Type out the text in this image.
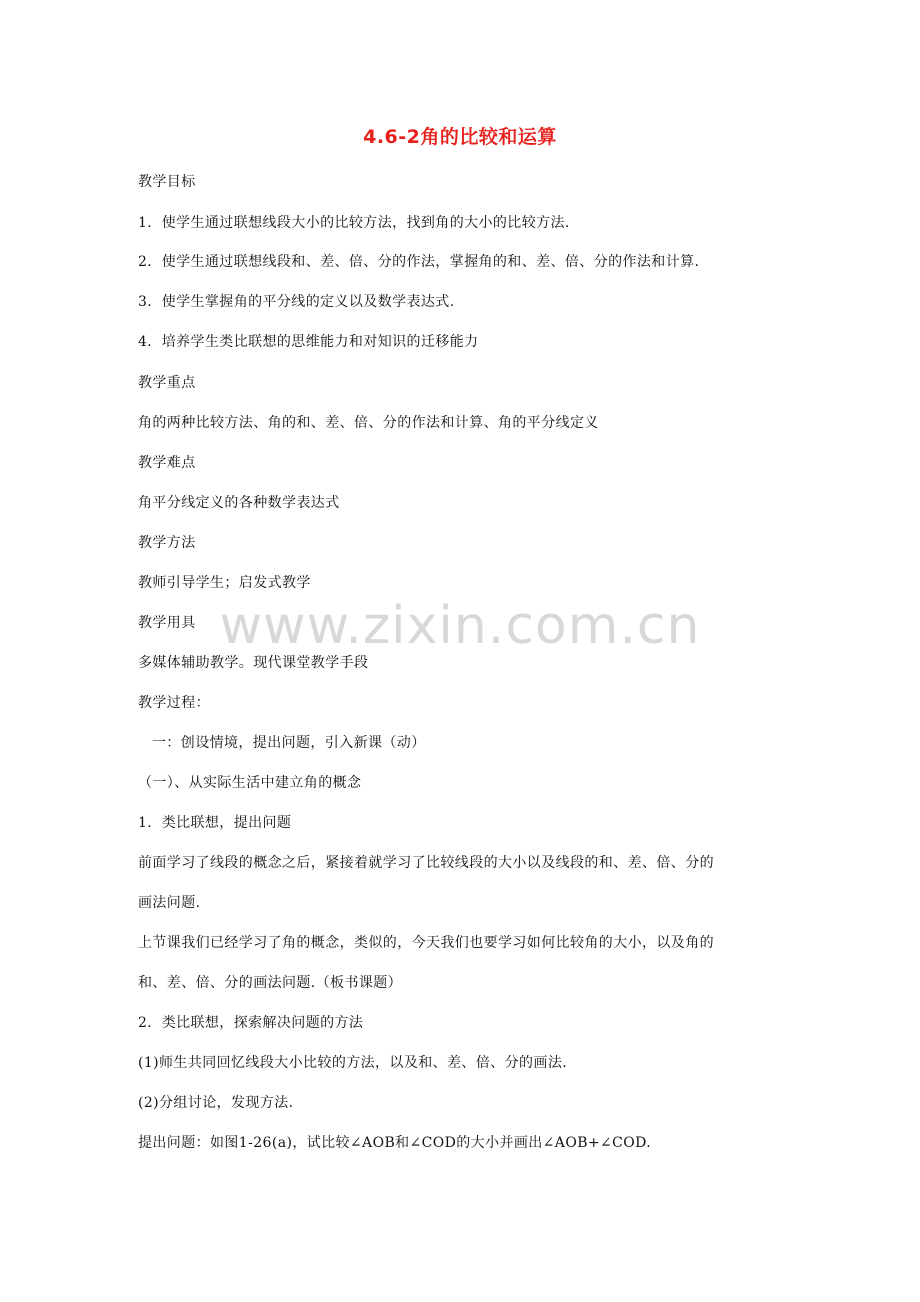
4.6-2角的比较和运算
教学目标
1．使学生通过联想线段大小的比较方法，找到角的大小的比较方法.
2．使学生通过联想线段和、差、倍、分的作法，掌握角的和、差、倍、分的作法和计算.
3．使学生掌握角的平分线的定义以及数学表达式.
4．培养学生类比联想的思维能力和对知识的迁移能力
教学重点
角的两种比较方法、角的和、差、倍、分的作法和计算、角的平分线定义
教学难点
角平分线定义的各种数学表达式
教学方法
教师引导学生；启发式教学
教学用具
多媒体辅助教学。现代课堂教学手段
教学过程：
一：创设情境，提出问题，引入新课（动）
（一）、从实际生活中建立角的概念
1．类比联想，提出问题
前面学习了线段的概念之后，紧接着就学习了比较线段的大小以及线段的和、差、倍、分的
画法问题.
上节课我们已经学习了角的概念，类似的，今天我们也要学习如何比较角的大小，以及角的
和、差、倍、分的画法问题.（板书课题）
2．类比联想，探索解决问题的方法
(1)师生共同回忆线段大小比较的方法，以及和、差、倍、分的画法.
(2)分组讨论，发现方法.
提出问题：如图1-26(a)，试比较∠AOB和∠COD的大小并画出∠AOB+∠COD.
www.zixin.com.cn
